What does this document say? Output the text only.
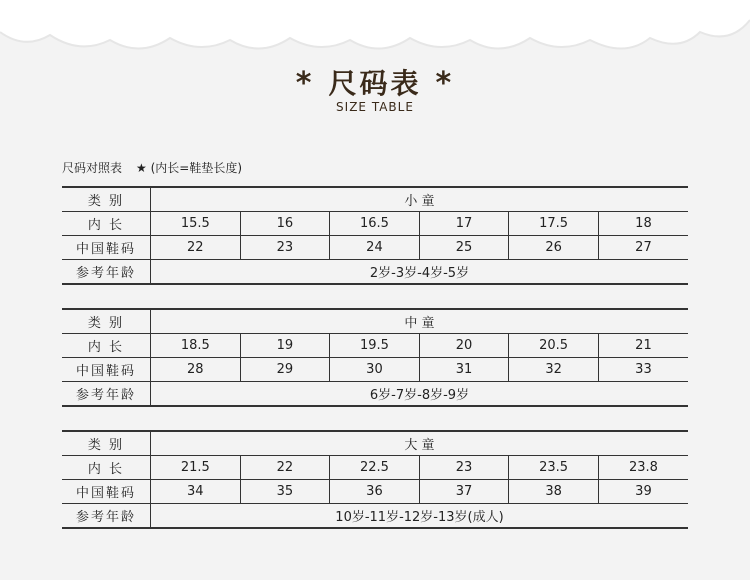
* 尺码表 *
SIZE TABLE
尺码对照表 ★ (内长=鞋垫长度)
类 别	小 童					
内 长	15.5	16	16.5	17	17.5	18
中国鞋码	22	23	24	25	26	27
参考年龄	2岁-3岁-4岁-5岁					
类 别	中 童					
内 长	18.5	19	19.5	20	20.5	21
中国鞋码	28	29	30	31	32	33
参考年龄	6岁-7岁-8岁-9岁					
类 别	大 童					
内 长	21.5	22	22.5	23	23.5	23.8
中国鞋码	34	35	36	37	38	39
参考年龄	10岁-11岁-12岁-13岁(成人)					
